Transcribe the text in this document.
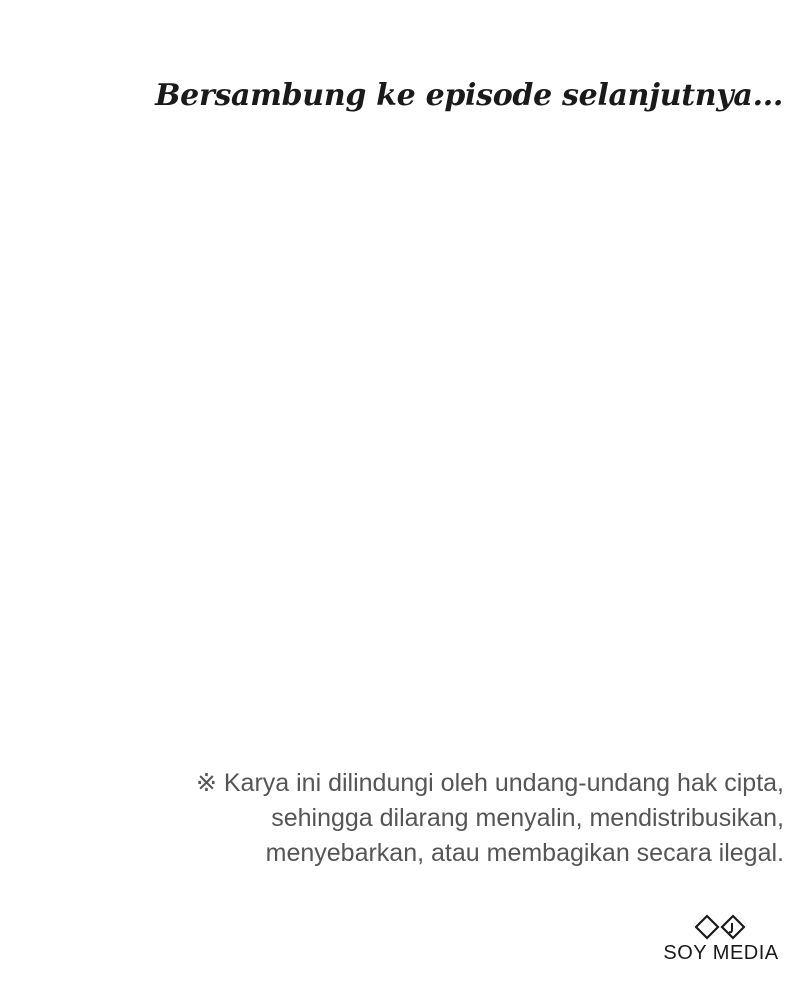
Bersambung ke episode selanjutnya...

※ Karya ini dilindungi oleh undang-undang hak cipta,
sehingga dilarang menyalin, mendistribusikan,
menyebarkan, atau membagikan secara ilegal.
SOY MEDIA
